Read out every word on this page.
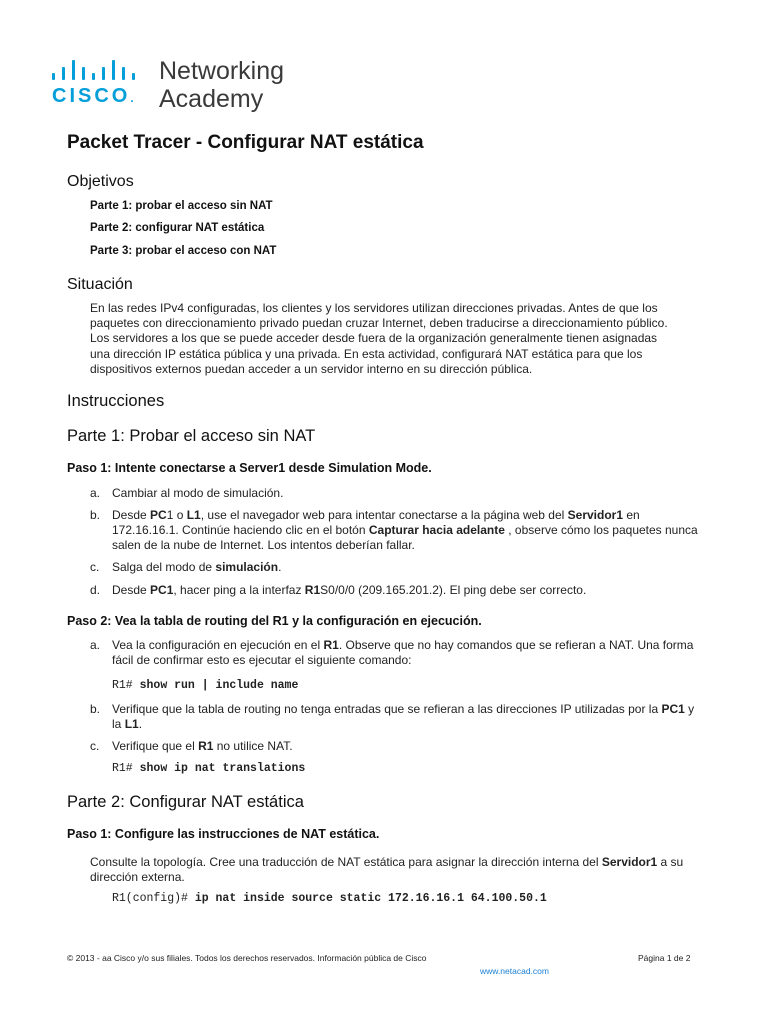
CISCO.
Networking
Academy
Packet Tracer - Configurar NAT estática
Objetivos
Parte 1: probar el acceso sin NAT
Parte 2: configurar NAT estática
Parte 3: probar el acceso con NAT
Situación
En las redes IPv4 configuradas, los clientes y los servidores utilizan direcciones privadas. Antes de que los
paquetes con direccionamiento privado puedan cruzar Internet, deben traducirse a direccionamiento público.
Los servidores a los que se puede acceder desde fuera de la organización generalmente tienen asignadas
una dirección IP estática pública y una privada. En esta actividad, configurará NAT estática para que los
dispositivos externos puedan acceder a un servidor interno en su dirección pública.
Instrucciones
Parte 1: Probar el acceso sin NAT
Paso 1: Intente conectarse a Server1 desde Simulation Mode.
a. Cambiar al modo de simulación.
b. Desde PC1 o L1, use el navegador web para intentar conectarse a la página web del Servidor1 en 172.16.16.1. Continúe haciendo clic en el botón Capturar hacia adelante , observe cómo los paquetes nunca salen de la nube de Internet. Los intentos deberían fallar.
c. Salga del modo de simulación.
d. Desde PC1, hacer ping a la interfaz R1S0/0/0 (209.165.201.2). El ping debe ser correcto.
Paso 2: Vea la tabla de routing del R1 y la configuración en ejecución.
a. Vea la configuración en ejecución en el R1. Observe que no hay comandos que se refieran a NAT. Una forma fácil de confirmar esto es ejecutar el siguiente comando:
R1# show run | include name
b. Verifique que la tabla de routing no tenga entradas que se refieran a las direcciones IP utilizadas por la PC1 y la L1.
c. Verifique que el R1 no utilice NAT.
R1# show ip nat translations
Parte 2: Configurar NAT estática
Paso 1: Configure las instrucciones de NAT estática.
Consulte la topología. Cree una traducción de NAT estática para asignar la dirección interna del Servidor1 a su dirección externa.
R1(config)# ip nat inside source static 172.16.16.1 64.100.50.1
© 2013 - aa Cisco y/o sus filiales. Todos los derechos reservados. Información pública de Cisco	Página 1 de 2
www.netacad.com
